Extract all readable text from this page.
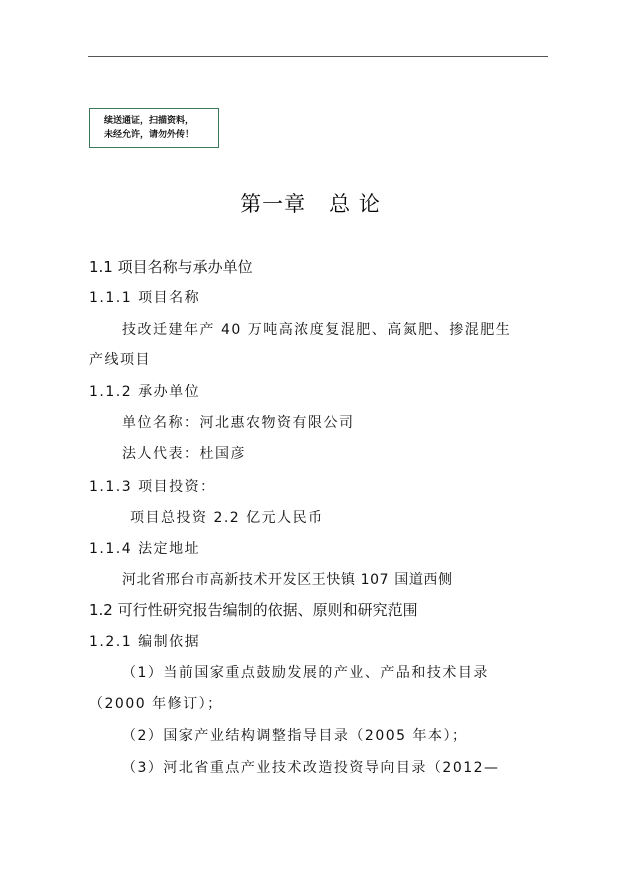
续送通证，扫描资料，
未经允许，请勿外传！
第一章   总 论
1.1 项目名称与承办单位
1.1.1 项目名称
技改迁建年产 40 万吨高浓度复混肥、高氮肥、掺混肥生
产线项目
1.1.2 承办单位
单位名称：河北惠农物资有限公司
法人代表：杜国彦
1.1.3 项目投资：
项目总投资 2.2 亿元人民币
1.1.4 法定地址
河北省邢台市高新技术开发区王快镇 107 国道西侧
1.2 可行性研究报告编制的依据、原则和研究范围
1.2.1 编制依据
（1）当前国家重点鼓励发展的产业、产品和技术目录
（2000 年修订）；
（2）国家产业结构调整指导目录（2005 年本）；
（3）河北省重点产业技术改造投资导向目录（2012—
